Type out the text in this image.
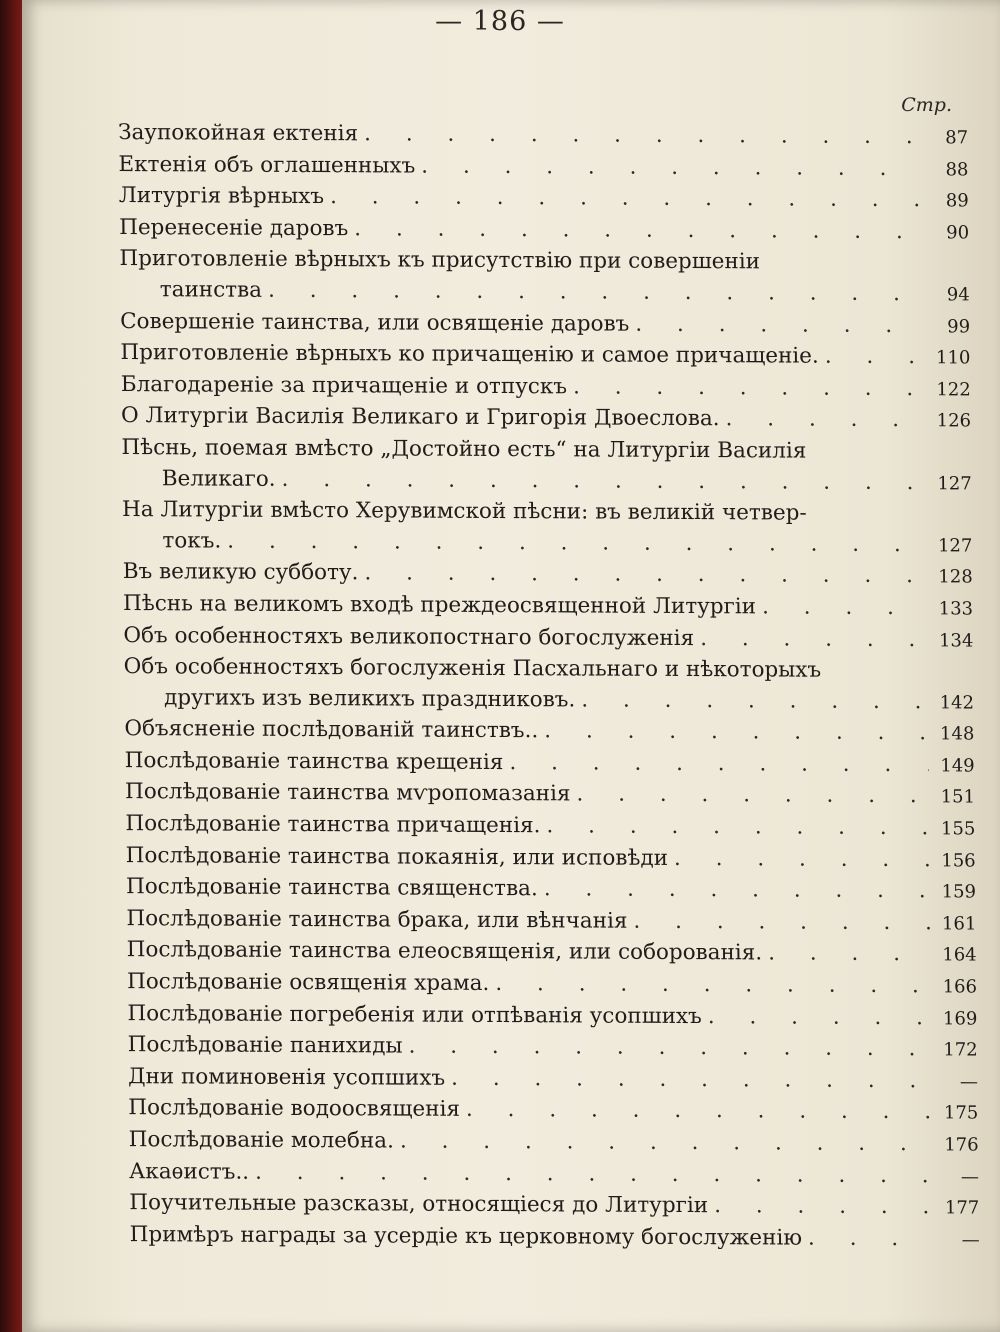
— 186 —
Стр.
Заупокойная ектенія . . .	87
Ектенія объ оглашенныхъ . . .	88
Литургія вѣрныхъ . . .	89
Перенесеніе даровъ . . .	90
Приготовленіе вѣрныхъ къ присутствію при совершеніи
таинства . . .	94
Совершеніе таинства, или освященіе даровъ . . .	99
Приготовленіе вѣрныхъ ко причащенію и самое причащеніе. . . .	110
Благодареніе за причащеніе и отпускъ . . .	122
О Литургіи Василія Великаго и Григорія Двоеслова. . . .	126
Пѣснь, поемая вмѣсто „Достойно есть“ на Литургіи Василія
Великаго. . . .	127
На Литургіи вмѣсто Херувимской пѣсни: въ великій четвер-
токъ. . . .	127
Въ великую субботу. . . .	128
Пѣснь на великомъ входѣ преждеосвященной Литургіи . . .	133
Объ особенностяхъ великопостнаго богослуженія . . .	134
Объ особенностяхъ богослуженія Пасхальнаго и нѣкоторыхъ
другихъ изъ великихъ праздниковъ. . . .	142
Объясненіе послѣдованій таинствъ.. . . .	148
Послѣдованіе таинства крещенія . . .	149
Послѣдованіе таинства мѵропомазанія . . .	151
Послѣдованіе таинства причащенія. . . .	155
Послѣдованіе таинства покаянія, или исповѣди . . .	156
Послѣдованіе таинства священства. . . .	159
Послѣдованіе таинства брака, или вѣнчанія . . .	161
Послѣдованіе таинства елеосвященія, или соборованія. . . .	164
Послѣдованіе освященія храма. . . .	166
Послѣдованіе погребенія или отпѣванія усопшихъ . . .	169
Послѣдованіе панихиды . . .	172
Дни поминовенія усопшихъ . . .	—
Послѣдованіе водоосвященія . . .	175
Послѣдованіе молебна. . . .	176
Акаѳистъ.. . . .	—
Поучительные разсказы, относящіеся до Литургіи . . .	177
Примѣръ награды за усердіе къ церковному богослуженію . . .	—
